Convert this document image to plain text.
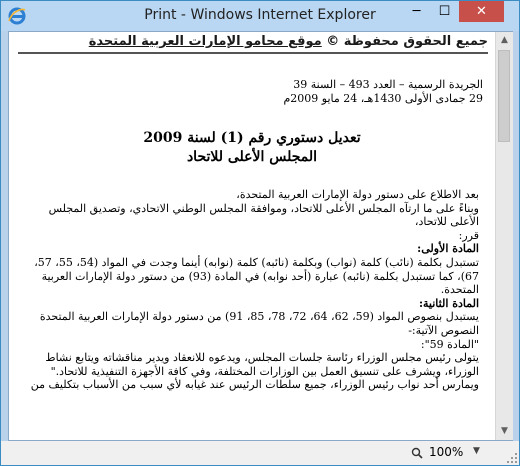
Print - Windows Internet Explorer	─	☐	✕
جميع الحقوق محفوظة © موقع محامو الإمارات العربية المتحدة
الجريدة الرسمية – العدد 493 – السنة 39
29 جمادى الأولى 1430هـ، 24 مايو 2009م
تعديل دستوري رقم (1) لسنة 2009
المجلس الأعلى للاتحاد

بعد الاطلاع على دستور دولة الإمارات العربية المتحدة،

وبناءً على ما ارتآه المجلس الأعلى للاتحاد، وموافقة المجلس الوطني الاتحادي، وتصديق المجلس الأعلى للاتحاد،

قرر:

المادة الأولى:

تستبدل بكلمة (نائب) كلمة (نواب) وبكلمة (نائبه) كلمة (نوابه) أينما وجدت في المواد (54، 55، 57، 67)، كما تستبدل بكلمة (نائبه) عبارة (أحد نوابه) في المادة (93) من دستور دولة الإمارات العربية المتحدة.

المادة الثانية:

يستبدل بنصوص المواد (59، 62، 64، 72، 78، 85، 91) من دستور دولة الإمارات العربية المتحدة النصوص الآتية:-

"المادة 59":

يتولى رئيس مجلس الوزراء رئاسة جلسات المجلس، ويدعوه للانعقاد ويدير مناقشاته ويتابع نشاط الوزراء، ويشرف على تنسيق العمل بين الوزارات المختلفة، وفي كافة الأجهزة التنفيذية للاتحاد."

ويمارس أحد نواب رئيس الوزراء، جميع سلطات الرئيس عند غيابه لأي سبب من الأسباب بتكليف من

▲
▼
100% ▼
